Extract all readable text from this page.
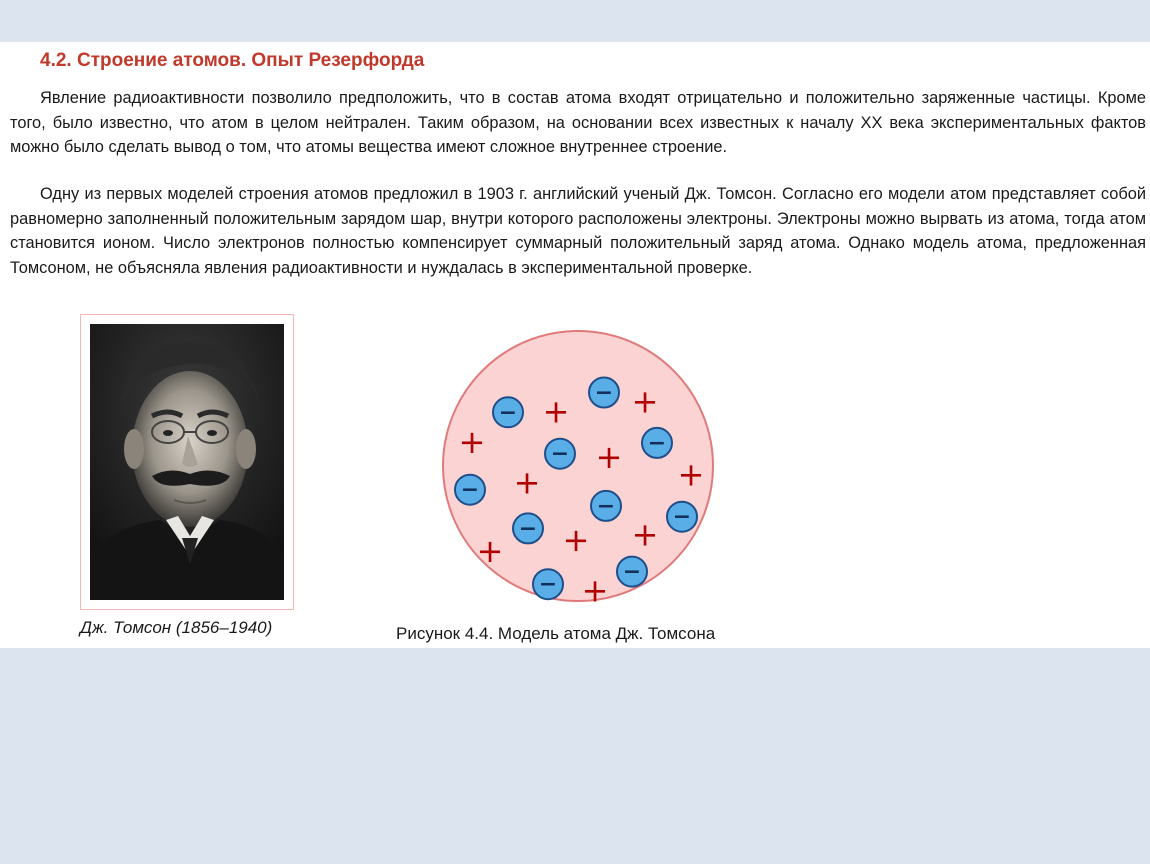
4.2. Строение атомов. Опыт Резерфорда

Явление радиоактивности позволило предположить, что в состав атома входят отрицательно и положительно заряженные частицы. Кроме того, было известно, что атом в целом нейтрален. Таким образом, на основании всех известных к началу XX века экспериментальных фактов можно было сделать вывод о том, что атомы вещества имеют сложное внутреннее строение.

Одну из первых моделей строения атомов предложил в 1903 г. английский ученый Дж. Томсон. Согласно его модели атом представляет собой равномерно заполненный положительным зарядом шар, внутри которого расположены электроны. Электроны можно вырвать из атома, тогда атом становится ионом. Число электронов полностью компенсирует суммарный положительный заряд атома. Однако модель атома, предложенная Томсоном, не объясняла явления радиоактивности и нуждалась в экспериментальной проверке.

Дж. Томсон (1856–1940)
−
−
−	−
−
−
−	−
−
−
+ +
+	+
+	+
+ +
+
+
Рисунок 4.4. Модель атома Дж. Томсона
